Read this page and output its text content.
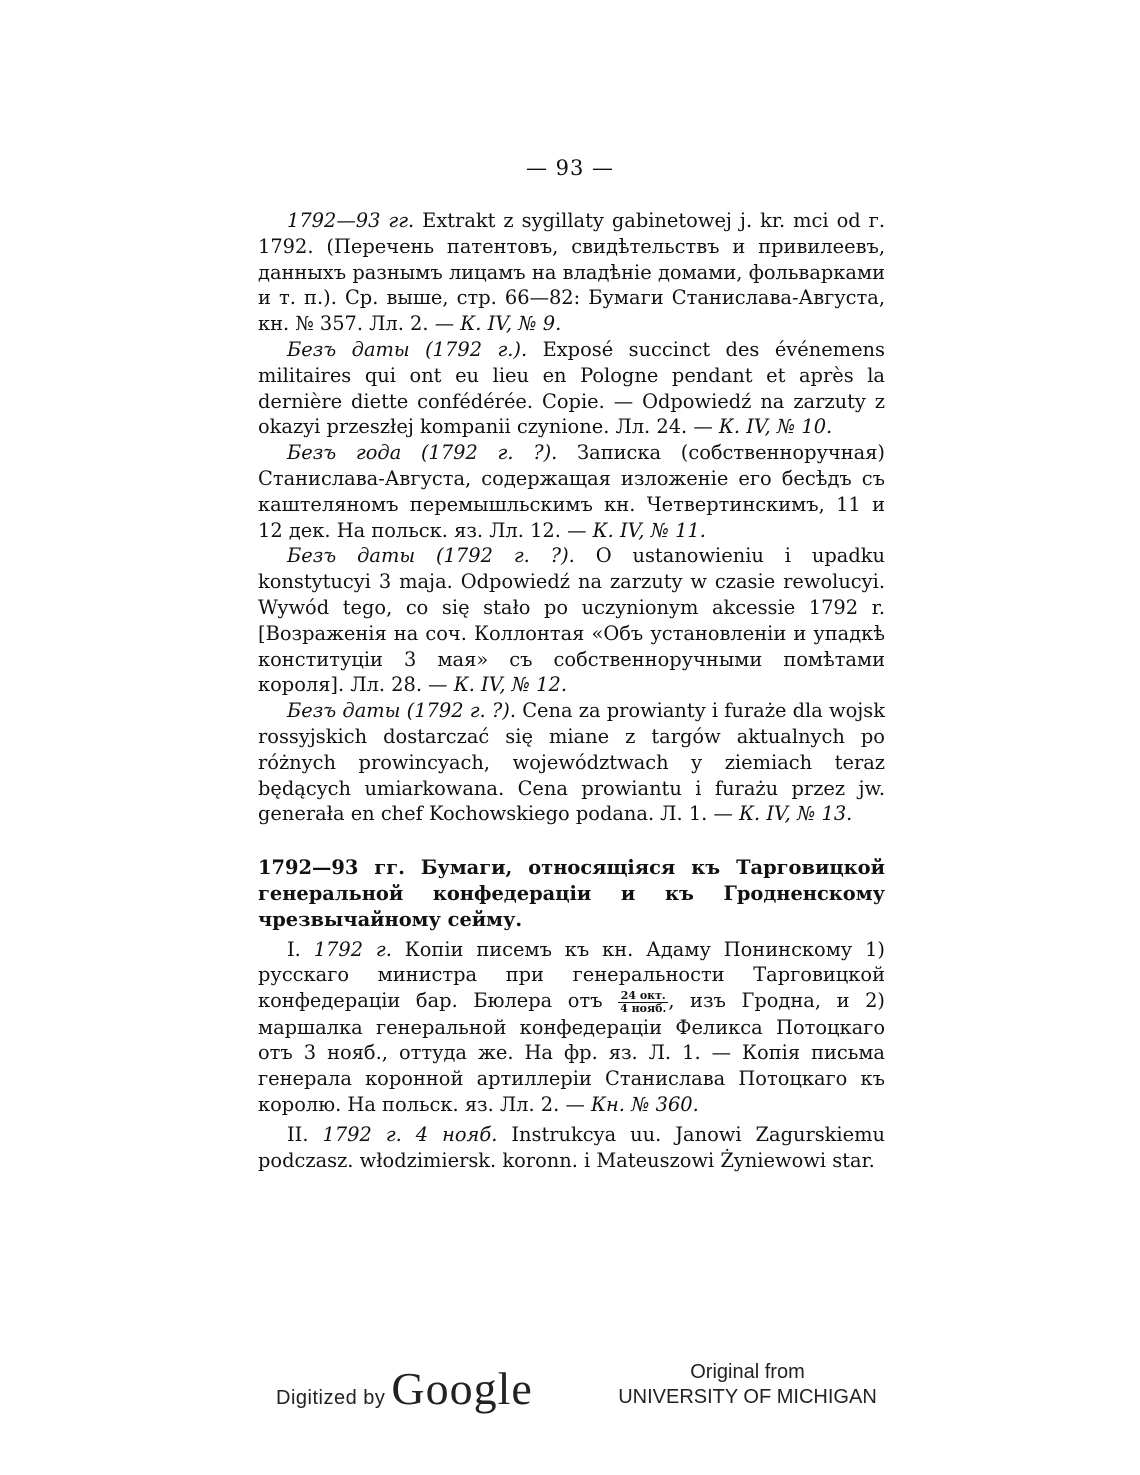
— 93 —

1792—93 гг. Extrakt z sygillaty gabinetowej j. kr. mci od г. 1792. (Перечень патентовъ, свидѣтельствъ и привилеевъ, данныхъ разнымъ лицамъ на владѣніе домами, фольварками и т. п.). Ср. выше, стр. 66—82: Бумаги Станислава-Августа, кн. № 357. Лл. 2. — К. IV, № 9.

Безъ даты (1792 г.). Exposé succinct des événemens militaires qui ont eu lieu en Pologne pendant et après la dernière diette confédérée. Copie. — Odpowiedź na zarzuty z okazyi przeszłej kompanii czynione. Лл. 24. — К. IV, № 10.

Безъ года (1792 г. ?). Записка (собственноручная) Станислава-Августа, содержащая изложеніе его бесѣдъ съ каштеляномъ перемышльскимъ кн. Четвертинскимъ, 11 и 12 дек. На польск. яз. Лл. 12. — К. IV, № 11.

Безъ даты (1792 г. ?). O ustanowieniu i upadku konstytucyi 3 maja. Odpowiedź na zarzuty w czasie rewolucyi. Wywód tego, co się stało po uczynionym akcessie 1792 r. [Возраженія на соч. Коллонтая «Объ установленіи и упадкѣ конституціи 3 мая» съ собственноручными помѣтами короля]. Лл. 28. — К. IV, № 12.

Безъ даты (1792 г. ?). Cena za prowianty i furaże dla wojsk rossyjskich dostarczać się miane z targów aktualnych po różnych prowincyach, województwach y ziemiach teraz będących umiarkowana. Cena prowiantu i furażu przez jw. generała en chef Kochowskiego podana. Л. 1. — К. IV, № 13.

1792—93 гг. Бумаги, относящіяся къ Тарговицкой генеральной конфедераціи и къ Гродненскому чрезвычайному сейму.

I. 1792 г. Копіи писемъ къ кн. Адаму Понинскому 1) русскаго министра при генеральности Тарговицкой конфедераціи бар. Бюлера отъ $\frac{\text{24 окт.}}{\text{4 нояб.}}$ , изъ Гродна, и 2) маршалка генеральной конфедераціи Феликса Потоцкаго отъ 3 нояб., оттуда же. На фр. яз. Л. 1. — Копія письма генерала коронной артиллеріи Станислава Потоцкаго къ королю. На польск. яз. Лл. 2. — Кн. № 360.

II. 1792 г. 4 нояб. Instrukcya uu. Janowi Zagurskiemu podczasz. włodzimiersk. koronn. i Mateuszowi Żyniewowi star.

Digitized by Google	Original from
UNIVERSITY OF MICHIGAN
